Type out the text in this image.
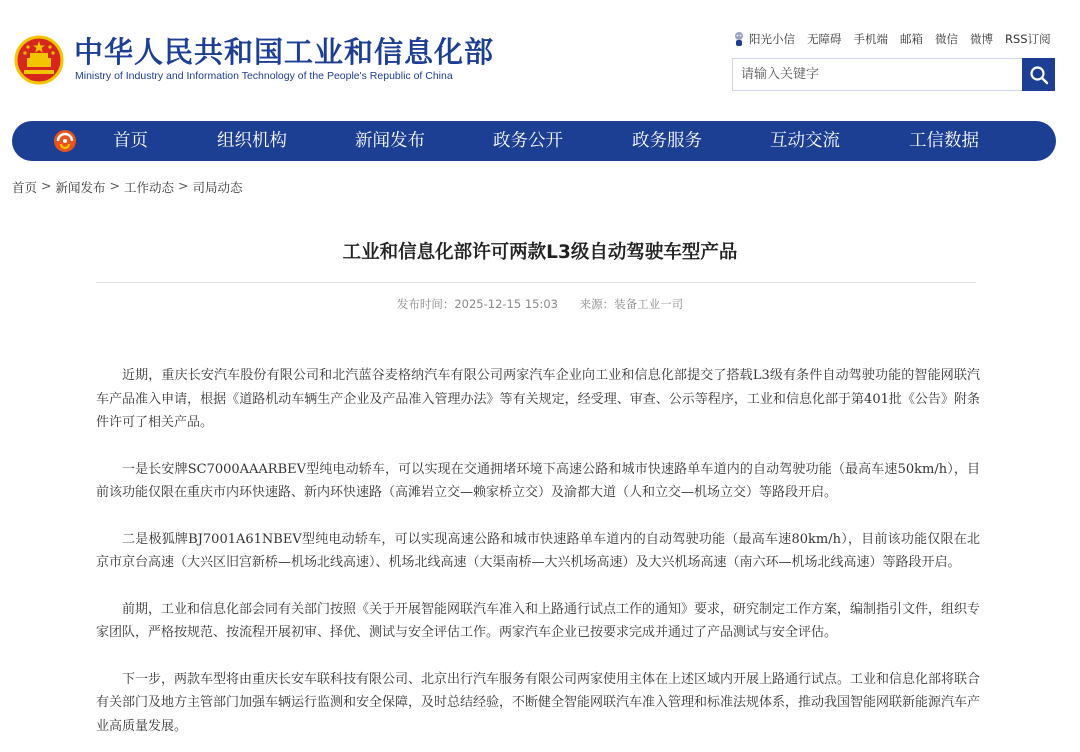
中华人民共和国工业和信息化部
Ministry of Industry and Information Technology of the People's Republic of China
阳光小信 无障碍 手机端 邮箱 微信 微博 RSS订阅
请输入关键字
首页	组织机构	新闻发布	政务公开	政务服务	互动交流	工信数据
首页 > 新闻发布 > 工作动态 > 司局动态
工业和信息化部许可两款L3级自动驾驶车型产品
发布时间：2025-12-15 15:03 来源：装备工业一司

近期，重庆长安汽车股份有限公司和北汽蓝谷麦格纳汽车有限公司两家汽车企业向工业和信息化部提交了搭载L3级有条件自动驾驶功能的智能网联汽车产品准入申请，根据《道路机动车辆生产企业及产品准入管理办法》等有关规定，经受理、审查、公示等程序，工业和信息化部于第401批《公告》附条件许可了相关产品。

一是长安牌SC7000AAARBEV型纯电动轿车，可以实现在交通拥堵环境下高速公路和城市快速路单车道内的自动驾驶功能（最高车速50km/h），目前该功能仅限在重庆市内环快速路、新内环快速路（高滩岩立交—赖家桥立交）及渝都大道（人和立交—机场立交）等路段开启。

二是极狐牌BJ7001A61NBEV型纯电动轿车，可以实现高速公路和城市快速路单车道内的自动驾驶功能（最高车速80km/h），目前该功能仅限在北京市京台高速（大兴区旧宫新桥—机场北线高速）、机场北线高速（大渠南桥—大兴机场高速）及大兴机场高速（南六环—机场北线高速）等路段开启。

前期，工业和信息化部会同有关部门按照《关于开展智能网联汽车准入和上路通行试点工作的通知》要求，研究制定工作方案，编制指引文件，组织专家团队，严格按规范、按流程开展初审、择优、测试与安全评估工作。两家汽车企业已按要求完成并通过了产品测试与安全评估。

下一步，两款车型将由重庆长安车联科技有限公司、北京出行汽车服务有限公司两家使用主体在上述区域内开展上路通行试点。工业和信息化部将联合有关部门及地方主管部门加强车辆运行监测和安全保障，及时总结经验，不断健全智能网联汽车准入管理和标准法规体系，推动我国智能网联新能源汽车产业高质量发展。
